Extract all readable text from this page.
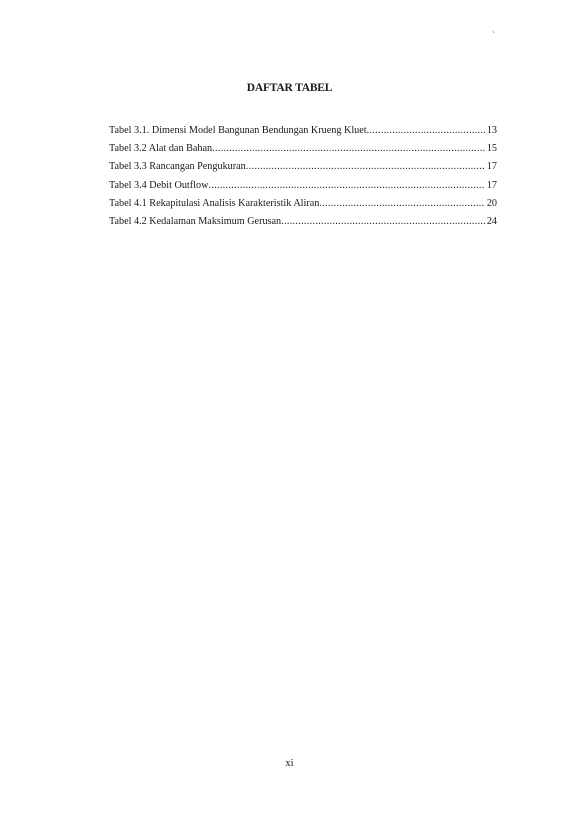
`
DAFTAR TABEL
Tabel 3.1. Dimensi Model Bangunan Bendungan Krueng Kluet .....	13
Tabel 3.2 Alat dan Bahan .....	15
Tabel 3.3 Rancangan Pengukuran .....	17
Tabel 3.4 Debit Outflow .....	17
Tabel 4.1 Rekapitulasi Analisis Karakteristik Aliran .....	20
Tabel 4.2 Kedalaman Maksimum Gerusan .....	24
xi
